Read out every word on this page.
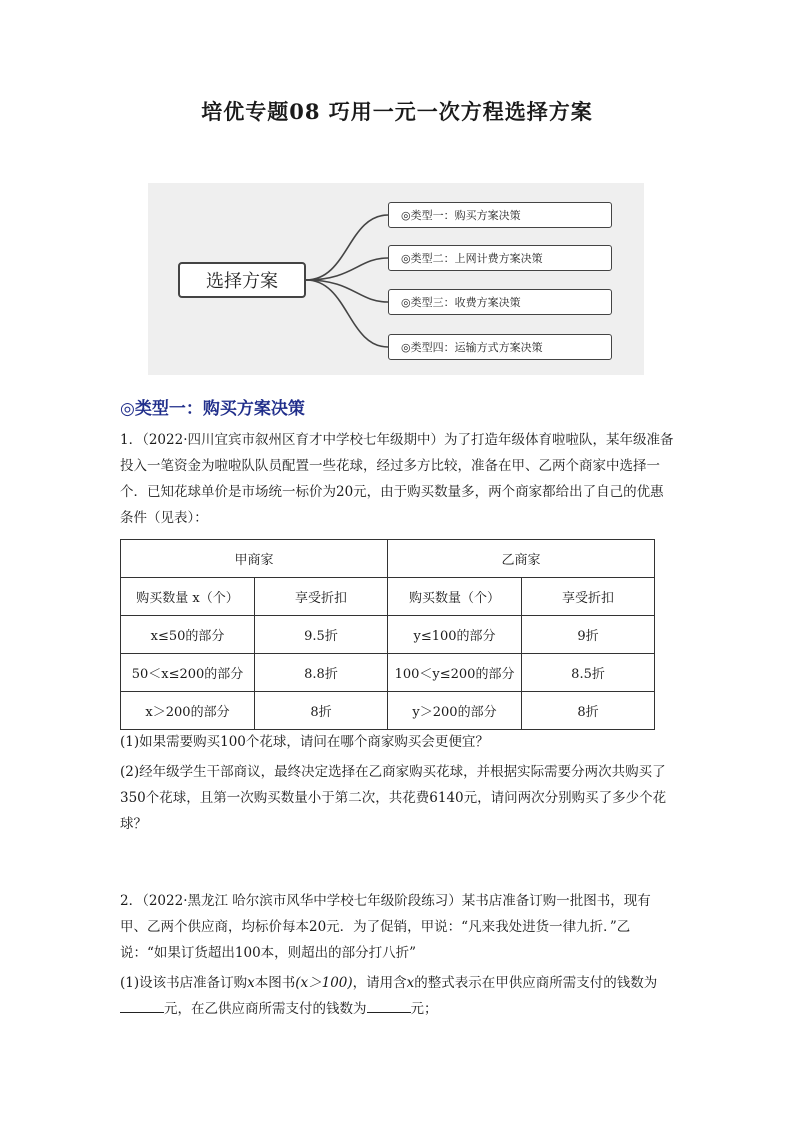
培优专题08 巧用一元一次方程选择方案
选择方案
◎类型一：购买方案决策
◎类型二：上网计费方案决策
◎类型三：收费方案决策
◎类型四：运输方式方案决策
◎类型一：购买方案决策
1．（2022·四川宜宾市叙州区育才中学校七年级期中）为了打造年级体育啦啦队，某年级准备投入一笔资金为啦啦队队员配置一些花球，经过多方比较，准备在甲、乙两个商家中选择一个．已知花球单价是市场统一标价为20元，由于购买数量多，两个商家都给出了自己的优惠条件（见表）：
甲商家		乙商家	
购买数量 x（个）	享受折扣	购买数量（个）	享受折扣
x≤50的部分	9.5折	y≤100的部分	9折
50＜x≤200的部分	8.8折	100＜y≤200的部分	8.5折
x＞200的部分	8折	y＞200的部分	8折
(1)如果需要购买100个花球，请问在哪个商家购买会更便宜？
(2)经年级学生干部商议，最终决定选择在乙商家购买花球，并根据实际需要分两次共购买了350个花球，且第一次购买数量小于第二次，共花费6140元，请问两次分别购买了多少个花球？
2．（2022·黑龙江 哈尔滨市风华中学校七年级阶段练习）某书店准备订购一批图书，现有甲、乙两个供应商，均标价每本20元．为了促销，甲说：“凡来我处进货一律九折．”乙说：“如果订货超出100本，则超出的部分打八折”
(1)设该书店准备订购x本图书(x＞100)，请用含x的整式表示在甲供应商所需支付的钱数为元，在乙供应商所需支付的钱数为	元；
